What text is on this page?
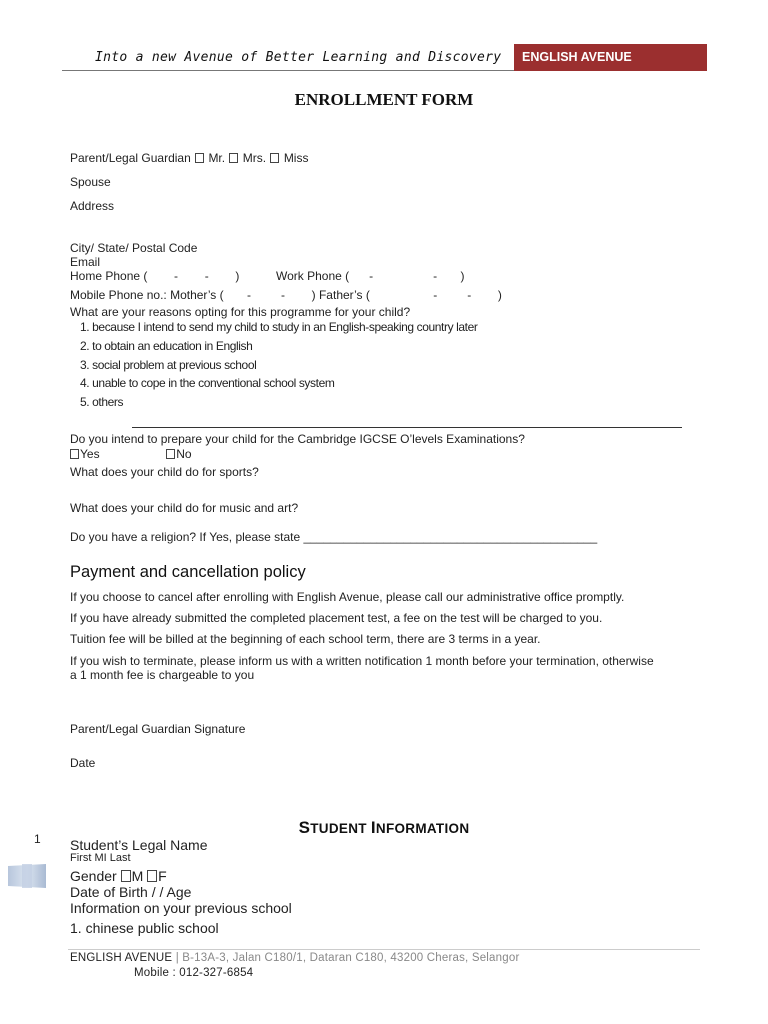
Into a new Avenue of Better Learning and Discovery ENGLISH AVENUE
ENROLLMENT FORM
Parent/Legal Guardian Mr. Mrs. Miss
Spouse
Address
City/ State/ Postal Code
Email
Home Phone (        -        -        )	Work Phone (      -                  -       )
Mobile Phone no.: Mother’s (       -         -        ) Father’s (                   -         -        )
What are your reasons opting for this programme for your child?
1. because I intend to send my child to study in an English-speaking country later
2. to obtain an education in English
3. social problem at previous school
4. unable to cope in the conventional school system
5. others
Do you intend to prepare your child for the Cambridge IGCSE O’levels Examinations?
Yes	No
What does your child do for sports?
What does your child do for music and art?
Do you have a religion? If Yes, please state ____________________________________________
Payment and cancellation policy
If you choose to cancel after enrolling with English Avenue, please call our administrative office promptly.
If you have already submitted the completed placement test, a fee on the test will be charged to you.
Tuition fee will be billed at the beginning of each school term, there are 3 terms in a year.
If you wish to terminate, please inform us with a written notification 1 month before your termination, otherwise
a 1 month fee is chargeable to you
Parent/Legal Guardian Signature
Date
STUDENT INFORMATION
1 Student’s Legal Name
First MI Last
Gender M F
Date of Birth / / Age
Information on your previous school
1. chinese public school
ENGLISH AVENUE | B-13A-3, Jalan C180/1, Dataran C180, 43200 Cheras, Selangor
Mobile : 012-327-6854
